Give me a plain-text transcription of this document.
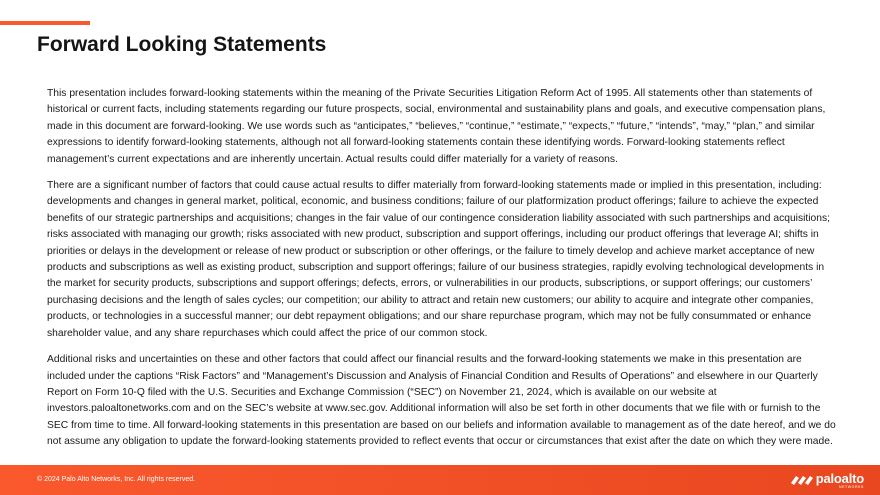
Forward Looking Statements

This presentation includes forward-looking statements within the meaning of the Private Securities Litigation Reform Act of 1995. All statements other than statements of historical or current facts, including statements regarding our future prospects, social, environmental and sustainability plans and goals, and executive compensation plans, made in this document are forward-looking. We use words such as “anticipates,” “believes,” “continue,” “estimate,” “expects,” “future,” “intends”, “may,” “plan,” and similar expressions to identify forward-looking statements, although not all forward-looking statements contain these identifying words. Forward-looking statements reflect management’s current expectations and are inherently uncertain. Actual results could differ materially for a variety of reasons.

There are a significant number of factors that could cause actual results to differ materially from forward-looking statements made or implied in this presentation, including: developments and changes in general market, political, economic, and business conditions; failure of our platformization product offerings; failure to achieve the expected benefits of our strategic partnerships and acquisitions; changes in the fair value of our contingence consideration liability associated with such partnerships and acquisitions; risks associated with managing our growth; risks associated with new product, subscription and support offerings, including our product offerings that leverage AI; shifts in priorities or delays in the development or release of new product or subscription or other offerings, or the failure to timely develop and achieve market acceptance of new products and subscriptions as well as existing product, subscription and support offerings; failure of our business strategies, rapidly evolving technological developments in the market for security products, subscriptions and support offerings; defects, errors, or vulnerabilities in our products, subscriptions, or support offerings; our customers’ purchasing decisions and the length of sales cycles; our competition; our ability to attract and retain new customers; our ability to acquire and integrate other companies, products, or technologies in a successful manner; our debt repayment obligations; and our share repurchase program, which may not be fully consummated or enhance shareholder value, and any share repurchases which could affect the price of our common stock.

Additional risks and uncertainties on these and other factors that could affect our financial results and the forward-looking statements we make in this presentation are included under the captions “Risk Factors” and “Management’s Discussion and Analysis of Financial Condition and Results of Operations” and elsewhere in our Quarterly Report on Form 10-Q filed with the U.S. Securities and Exchange Commission (“SEC”) on November 21, 2024, which is available on our website at investors.paloaltonetworks.com and on the SEC’s website at www.sec.gov. Additional information will also be set forth in other documents that we file with or furnish to the SEC from time to time. All forward-looking statements in this presentation are based on our beliefs and information available to management as of the date hereof, and we do not assume any obligation to update the forward-looking statements provided to reflect events that occur or circumstances that exist after the date on which they were made.

© 2024 Palo Alto Networks, Inc. All rights reserved.	paloalto
NETWORKS
